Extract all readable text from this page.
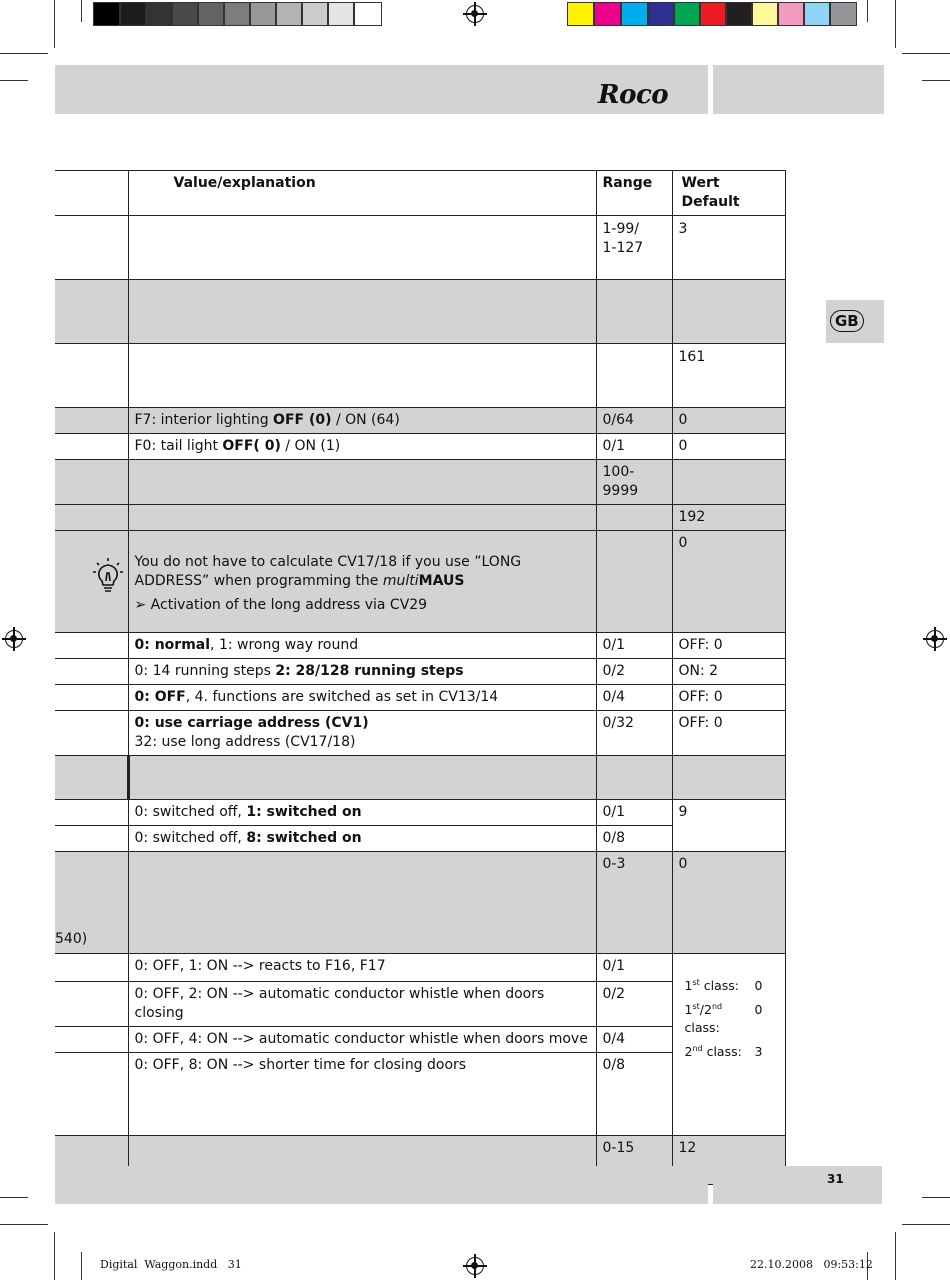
Roco
GB
	Value/explanation	Range	Wert Default
		1-99/
1-127	3

			161
	F7: interior lighting OFF (0) / ON (64)	0/64	0
	F0: tail light OFF( 0) / ON (1)	0/1	0
		100-9999	
			192

You do not have to calculate CV17/18 if you use ”LONG ADDRESS” when programming the multiMAUS
➢ Activation of the long address via CV29
		0
	0: normal, 1: wrong way round	0/1	OFF: 0
	0: 14 running steps 2: 28/128 running steps	0/2	ON: 2
	0: OFF, 4. functions are switched as set in CV13/14	0/4	OFF: 0
	0: use carriage address (CV1)
32: use long address (CV17/18)	0/32	OFF: 0

	0: switched off, 1: switched on	0/1	9
	0: switched off, 8: switched on	0/8
540)		0-3	0
	0: OFF, 1: ON --> reacts to F16, F17	0/1	
1st class:	0
1st/2nd class:	0
2nd class:	3

	0: OFF, 2: ON --> automatic conductor whistle when doors closing	0/2
	0: OFF, 4: ON --> automatic conductor whistle when doors move	0/4
	0: OFF, 8: ON --> shorter time for closing doors	0/8
		0-15	12
31
Digital  Waggon.indd   31	22.10.2008   09:53:12
